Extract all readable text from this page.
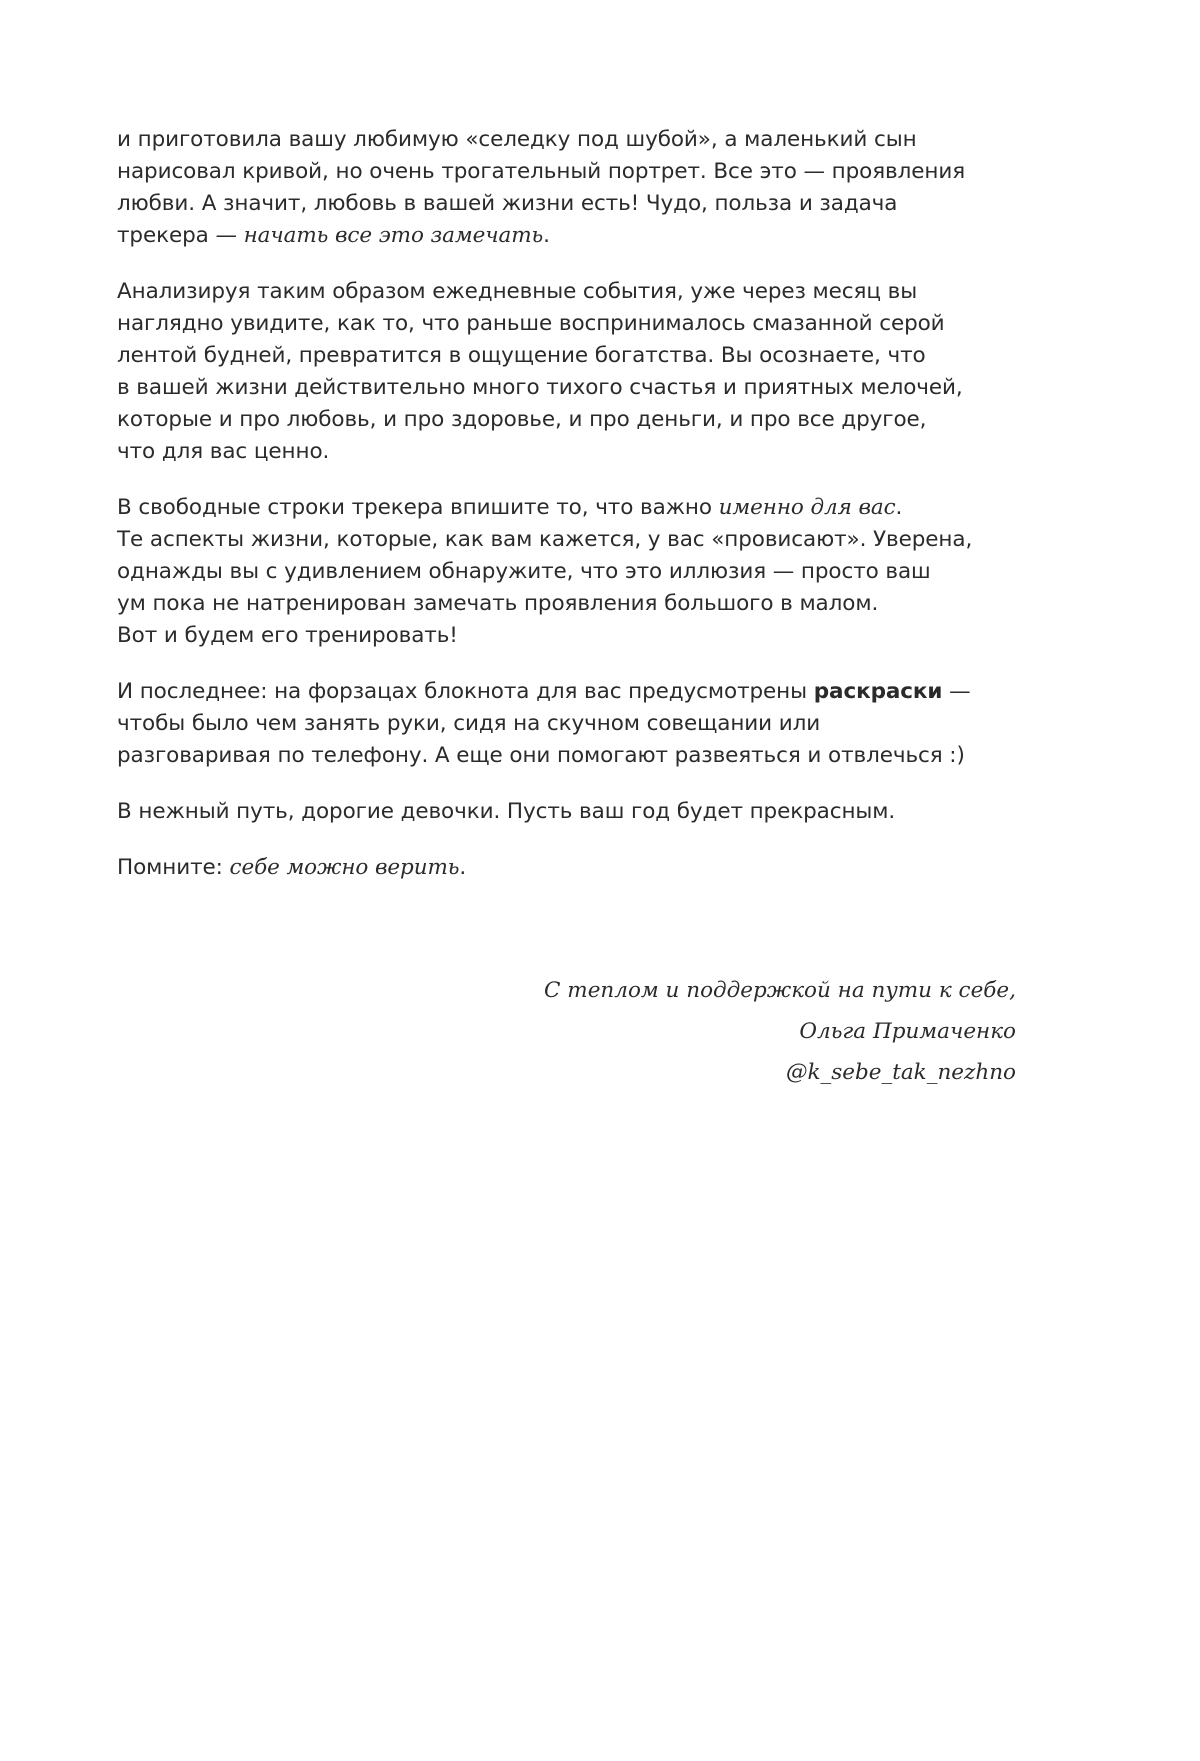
и приготовила вашу любимую «селедку под шубой», а маленький сын
нарисовал кривой, но очень трогательный портрет. Все это — проявления
любви. А значит, любовь в вашей жизни есть! Чудо, польза и задача
трекера — начать все это замечать.

Анализируя таким образом ежедневные события, уже через месяц вы
наглядно увидите, как то, что раньше воспринималось смазанной серой
лентой будней, превратится в ощущение богатства. Вы осознаете, что
в вашей жизни действительно много тихого счастья и приятных мелочей,
которые и про любовь, и про здоровье, и про деньги, и про все другое,
что для вас ценно.

В свободные строки трекера впишите то, что важно именно для вас.
Те аспекты жизни, которые, как вам кажется, у вас «провисают». Уверена,
однажды вы с удивлением обнаружите, что это иллюзия — просто ваш
ум пока не натренирован замечать проявления большого в малом.
Вот и будем его тренировать!

И последнее: на форзацах блокнота для вас предусмотрены раскраски —
чтобы было чем занять руки, сидя на скучном совещании или
разговаривая по телефону. А еще они помогают развеяться и отвлечься :)

В нежный путь, дорогие девочки. Пусть ваш год будет прекрасным.

Помните: себе можно верить.

С теплом и поддержкой на пути к себе,
Ольга Примаченко
@k_sebe_tak_nezhno
